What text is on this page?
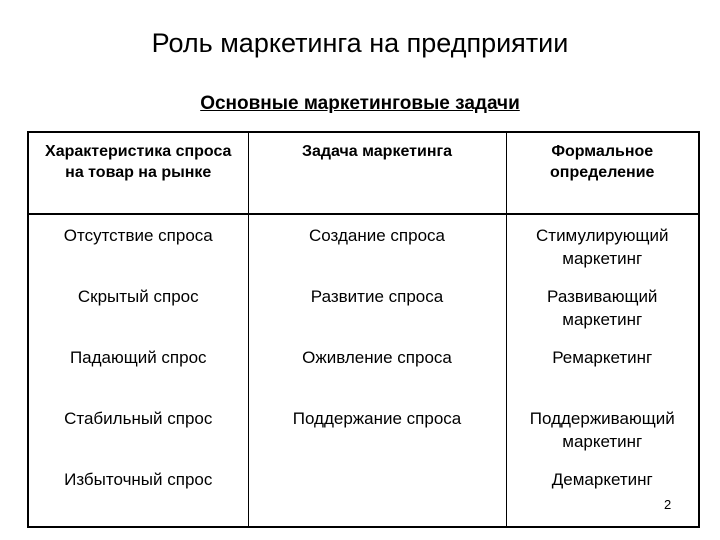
Роль маркетинга на предприятии
Основные маркетинговые задачи
Характеристика спроса на товар на рынке	Задача маркетинга	Формальное определение
Отсутствие спроса	Создание спроса	Стимулирующий маркетинг
Скрытый спрос	Развитие спроса	Развивающий маркетинг
Падающий спрос	Оживление спроса	Ремаркетинг
Стабильный спрос	Поддержание спроса	Поддерживающий маркетинг
Избыточный спрос		Демаркетинг
2
